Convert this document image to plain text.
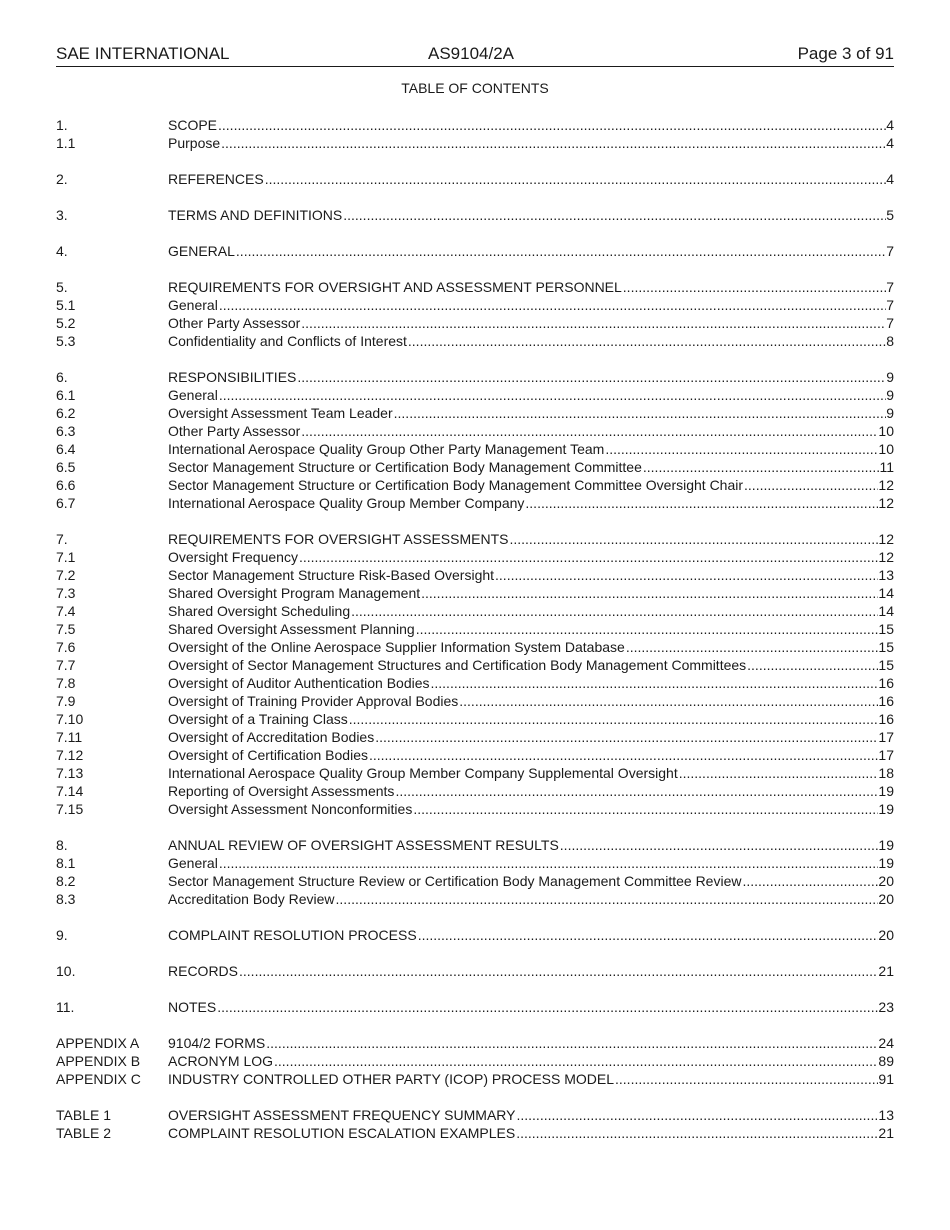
SAE INTERNATIONAL	AS9104/2A	Page 3 of 91
TABLE OF CONTENTS
1.	SCOPE .....	4
1.1	Purpose .....	4
2.	REFERENCES .....	4
3.	TERMS AND DEFINITIONS .....	5
4.	GENERAL .....	7
5.	REQUIREMENTS FOR OVERSIGHT AND ASSESSMENT PERSONNEL .....	7
5.1	General .....	7
5.2	Other Party Assessor .....	7
5.3	Confidentiality and Conflicts of Interest .....	8
6.	RESPONSIBILITIES .....	9
6.1	General .....	9
6.2	Oversight Assessment Team Leader .....	9
6.3	Other Party Assessor .....	10
6.4	International Aerospace Quality Group Other Party Management Team .....	10
6.5	Sector Management Structure or Certification Body Management Committee .....	11
6.6	Sector Management Structure or Certification Body Management Committee Oversight Chair .....	12
6.7	International Aerospace Quality Group Member Company .....	12
7.	REQUIREMENTS FOR OVERSIGHT ASSESSMENTS .....	12
7.1	Oversight Frequency .....	12
7.2	Sector Management Structure Risk-Based Oversight .....	13
7.3	Shared Oversight Program Management .....	14
7.4	Shared Oversight Scheduling .....	14
7.5	Shared Oversight Assessment Planning .....	15
7.6	Oversight of the Online Aerospace Supplier Information System Database .....	15
7.7	Oversight of Sector Management Structures and Certification Body Management Committees .....	15
7.8	Oversight of Auditor Authentication Bodies .....	16
7.9	Oversight of Training Provider Approval Bodies .....	16
7.10	Oversight of a Training Class .....	16
7.11	Oversight of Accreditation Bodies .....	17
7.12	Oversight of Certification Bodies .....	17
7.13	International Aerospace Quality Group Member Company Supplemental Oversight .....	18
7.14	Reporting of Oversight Assessments .....	19
7.15	Oversight Assessment Nonconformities .....	19
8.	ANNUAL REVIEW OF OVERSIGHT ASSESSMENT RESULTS .....	19
8.1	General .....	19
8.2	Sector Management Structure Review or Certification Body Management Committee Review .....	20
8.3	Accreditation Body Review .....	20
9.	COMPLAINT RESOLUTION PROCESS .....	20
10.	RECORDS .....	21
11.	NOTES .....	23
APPENDIX A 9104/2 FORMS .....	24
APPENDIX B ACRONYM LOG .....	89
APPENDIX C INDUSTRY CONTROLLED OTHER PARTY (ICOP) PROCESS MODEL .....	91
TABLE 1	OVERSIGHT ASSESSMENT FREQUENCY SUMMARY .....	13
TABLE 2	COMPLAINT RESOLUTION ESCALATION EXAMPLES .....	21
